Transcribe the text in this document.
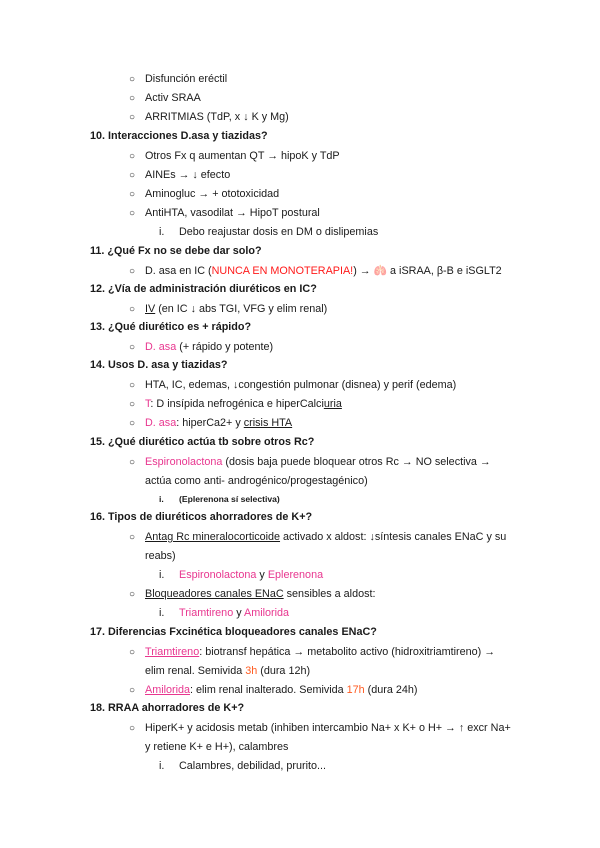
○ Disfunción eréctil
○ Activ SRAA
○ ARRITMIAS (TdP, x ↓ K y Mg)
10. Interacciones D.asa y tiazidas?
○ Otros Fx q aumentan QT → hipoK y TdP
○ AINEs → ↓ efecto
○ Aminogluc → + ototoxicidad
○ AntiHTA, vasodilat → HipoT postural
i. Debo reajustar dosis en DM o dislipemias
11. ¿Qué Fx no se debe dar solo?
○ D. asa en IC (NUNCA EN MONOTERAPIA!) → 🫁 a iSRAA, β-B e iSGLT2
12. ¿Vía de administración diuréticos en IC?
○ IV (en IC ↓ abs TGI, VFG y elim renal)
13. ¿Qué diurético es + rápido?
○ D. asa (+ rápido y potente)
14. Usos D. asa y tiazidas?
○ HTA, IC, edemas, ↓congestión pulmonar (disnea) y perif (edema)
○ T: D insípida nefrogénica e hiperCalciuria
○ D. asa: hiperCa2+ y crisis HTA
15. ¿Qué diurético actúa tb sobre otros Rc?
○ Espironolactona (dosis baja puede bloquear otros Rc → NO selectiva →
actúa como anti- androgénico/progestagénico)
i. (Eplerenona sí selectiva)
16. Tipos de diuréticos ahorradores de K+?
○ Antag Rc mineralocorticoide activado x aldost: ↓síntesis canales ENaC y su
reabs)
i. Espironolactona y Eplerenona
○ Bloqueadores canales ENaC sensibles a aldost:
i. Triamtireno y Amilorida
17. Diferencias Fxcinética bloqueadores canales ENaC?
○ Triamtireno: biotransf hepática → metabolito activo (hidroxitriamtireno) →
elim renal. Semivida 3h (dura 12h)
○ Amilorida: elim renal inalterado. Semivida 17h (dura 24h)
18. RRAA ahorradores de K+?
○ HiperK+ y acidosis metab (inhiben intercambio Na+ x K+ o H+ → ↑ excr Na+
y retiene K+ e H+), calambres
i. Calambres, debilidad, prurito...
